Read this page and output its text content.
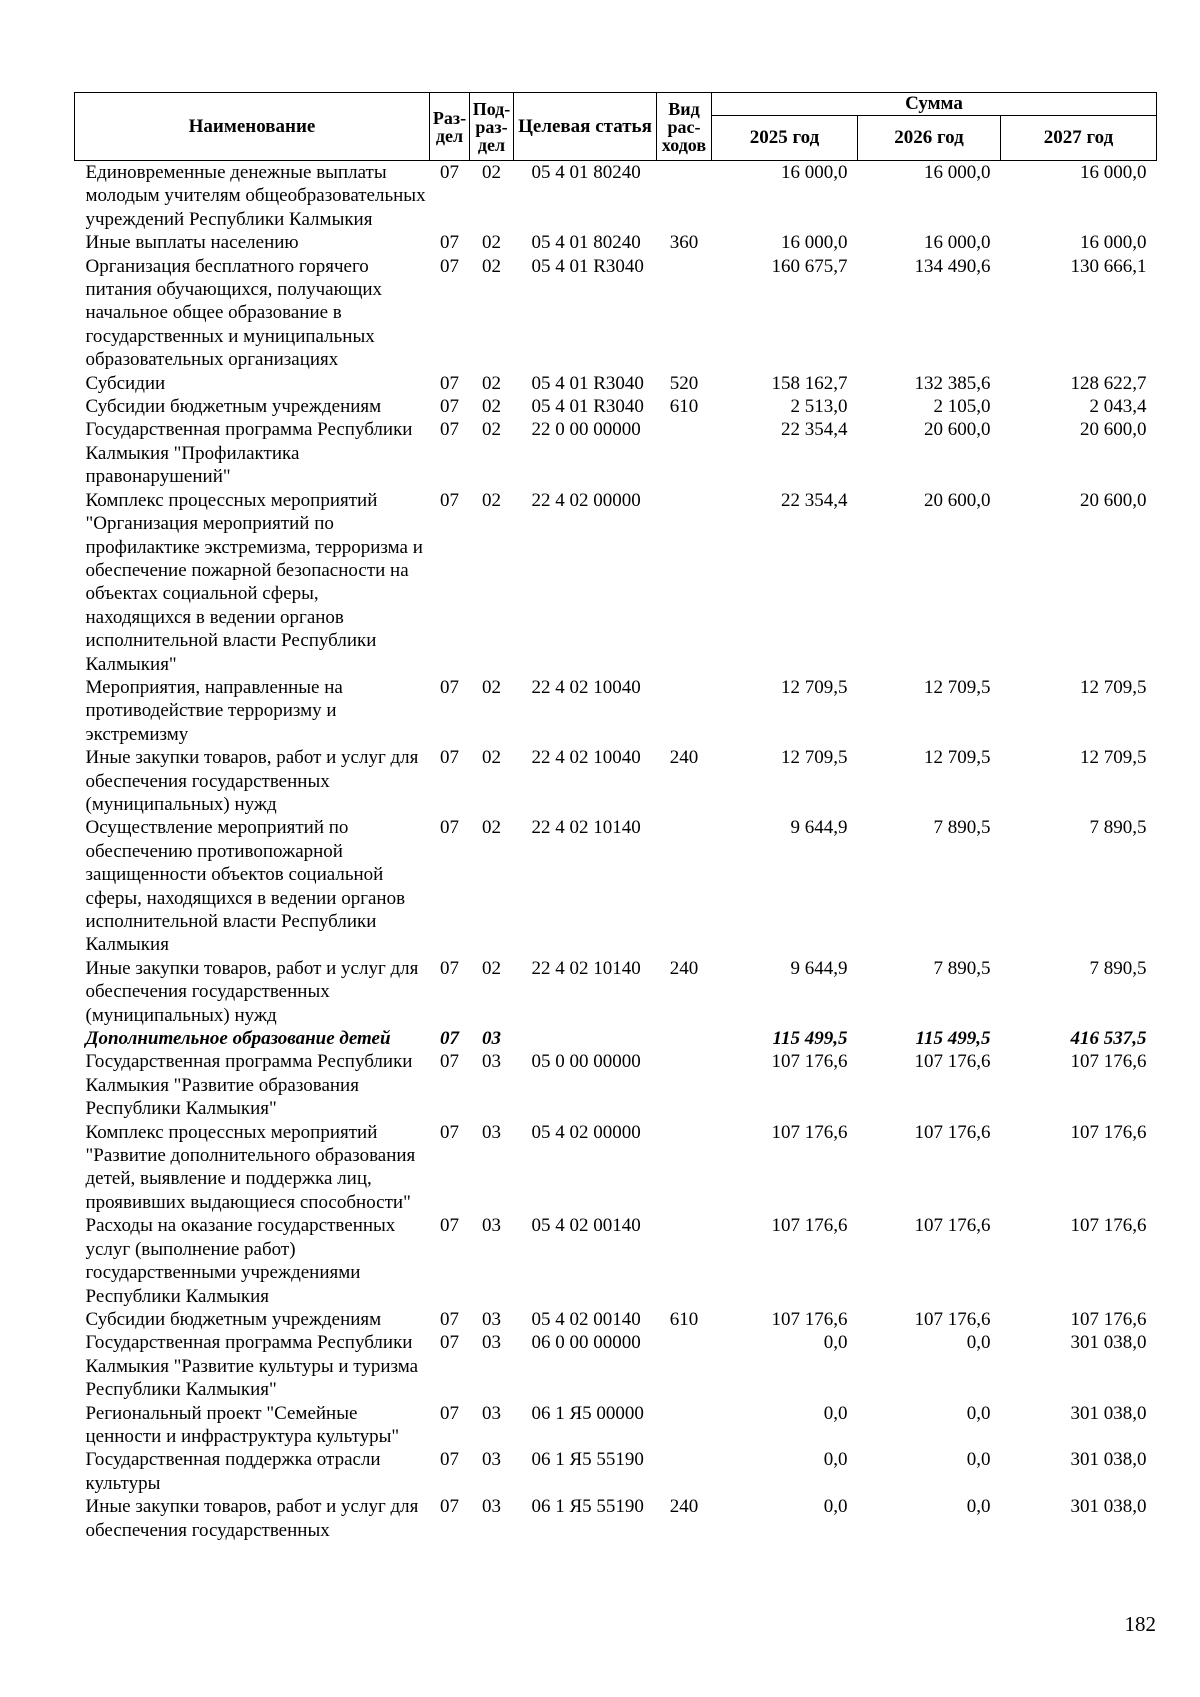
Наименование	Раз-дел	Под-раз-дел	Целевая статья	Вид рас-ходов	Сумма		
					2025 год	2026 год	2027 год
Единовременные денежные выплаты молодым учителям общеобразовательных учреждений Республики Калмыкия	07	02	05 4 01 80240		16 000,0	16 000,0	16 000,0
Иные выплаты населению	07	02	05 4 01 80240	360	16 000,0	16 000,0	16 000,0
Организация бесплатного горячего питания обучающихся, получающих начальное общее образование в государственных и муниципальных образовательных организациях	07	02	05 4 01 R3040		160 675,7	134 490,6	130 666,1
Субсидии	07	02	05 4 01 R3040	520	158 162,7	132 385,6	128 622,7
Субсидии бюджетным учреждениям	07	02	05 4 01 R3040	610	2 513,0	2 105,0	2 043,4
Государственная программа Республики Калмыкия "Профилактика правонарушений"	07	02	22 0 00 00000		22 354,4	20 600,0	20 600,0
Комплекс процессных мероприятий "Организация мероприятий по профилактике экстремизма, терроризма и обеспечение пожарной безопасности на объектах социальной сферы, находящихся в ведении органов исполнительной власти Республики Калмыкия"	07	02	22 4 02 00000		22 354,4	20 600,0	20 600,0
Мероприятия, направленные на противодействие терроризму и экстремизму	07	02	22 4 02 10040		12 709,5	12 709,5	12 709,5
Иные закупки товаров, работ и услуг для обеспечения государственных (муниципальных) нужд	07	02	22 4 02 10040	240	12 709,5	12 709,5	12 709,5
Осуществление мероприятий по обеспечению противопожарной защищенности объектов социальной сферы, находящихся в ведении органов исполнительной власти Республики Калмыкия	07	02	22 4 02 10140		9 644,9	7 890,5	7 890,5
Иные закупки товаров, работ и услуг для обеспечения государственных (муниципальных) нужд	07	02	22 4 02 10140	240	9 644,9	7 890,5	7 890,5
Дополнительное образование детей	07	03			115 499,5	115 499,5	416 537,5
Государственная программа Республики Калмыкия "Развитие образования Республики Калмыкия"	07	03	05 0 00 00000		107 176,6	107 176,6	107 176,6
Комплекс процессных мероприятий "Развитие дополнительного образования детей, выявление и поддержка лиц, проявивших выдающиеся способности"	07	03	05 4 02 00000		107 176,6	107 176,6	107 176,6
Расходы на оказание государственных услуг (выполнение работ) государственными учреждениями Республики Калмыкия	07	03	05 4 02 00140		107 176,6	107 176,6	107 176,6
Субсидии бюджетным учреждениям	07	03	05 4 02 00140	610	107 176,6	107 176,6	107 176,6
Государственная программа Республики Калмыкия "Развитие культуры и туризма Республики Калмыкия"	07	03	06 0 00 00000		0,0	0,0	301 038,0
Региональный проект "Семейные ценности и инфраструктура культуры"	07	03	06 1 Я5 00000		0,0	0,0	301 038,0
Государственная поддержка отрасли культуры	07	03	06 1 Я5 55190		0,0	0,0	301 038,0
Иные закупки товаров, работ и услуг для обеспечения государственных	07	03	06 1 Я5 55190	240	0,0	0,0	301 038,0
182
